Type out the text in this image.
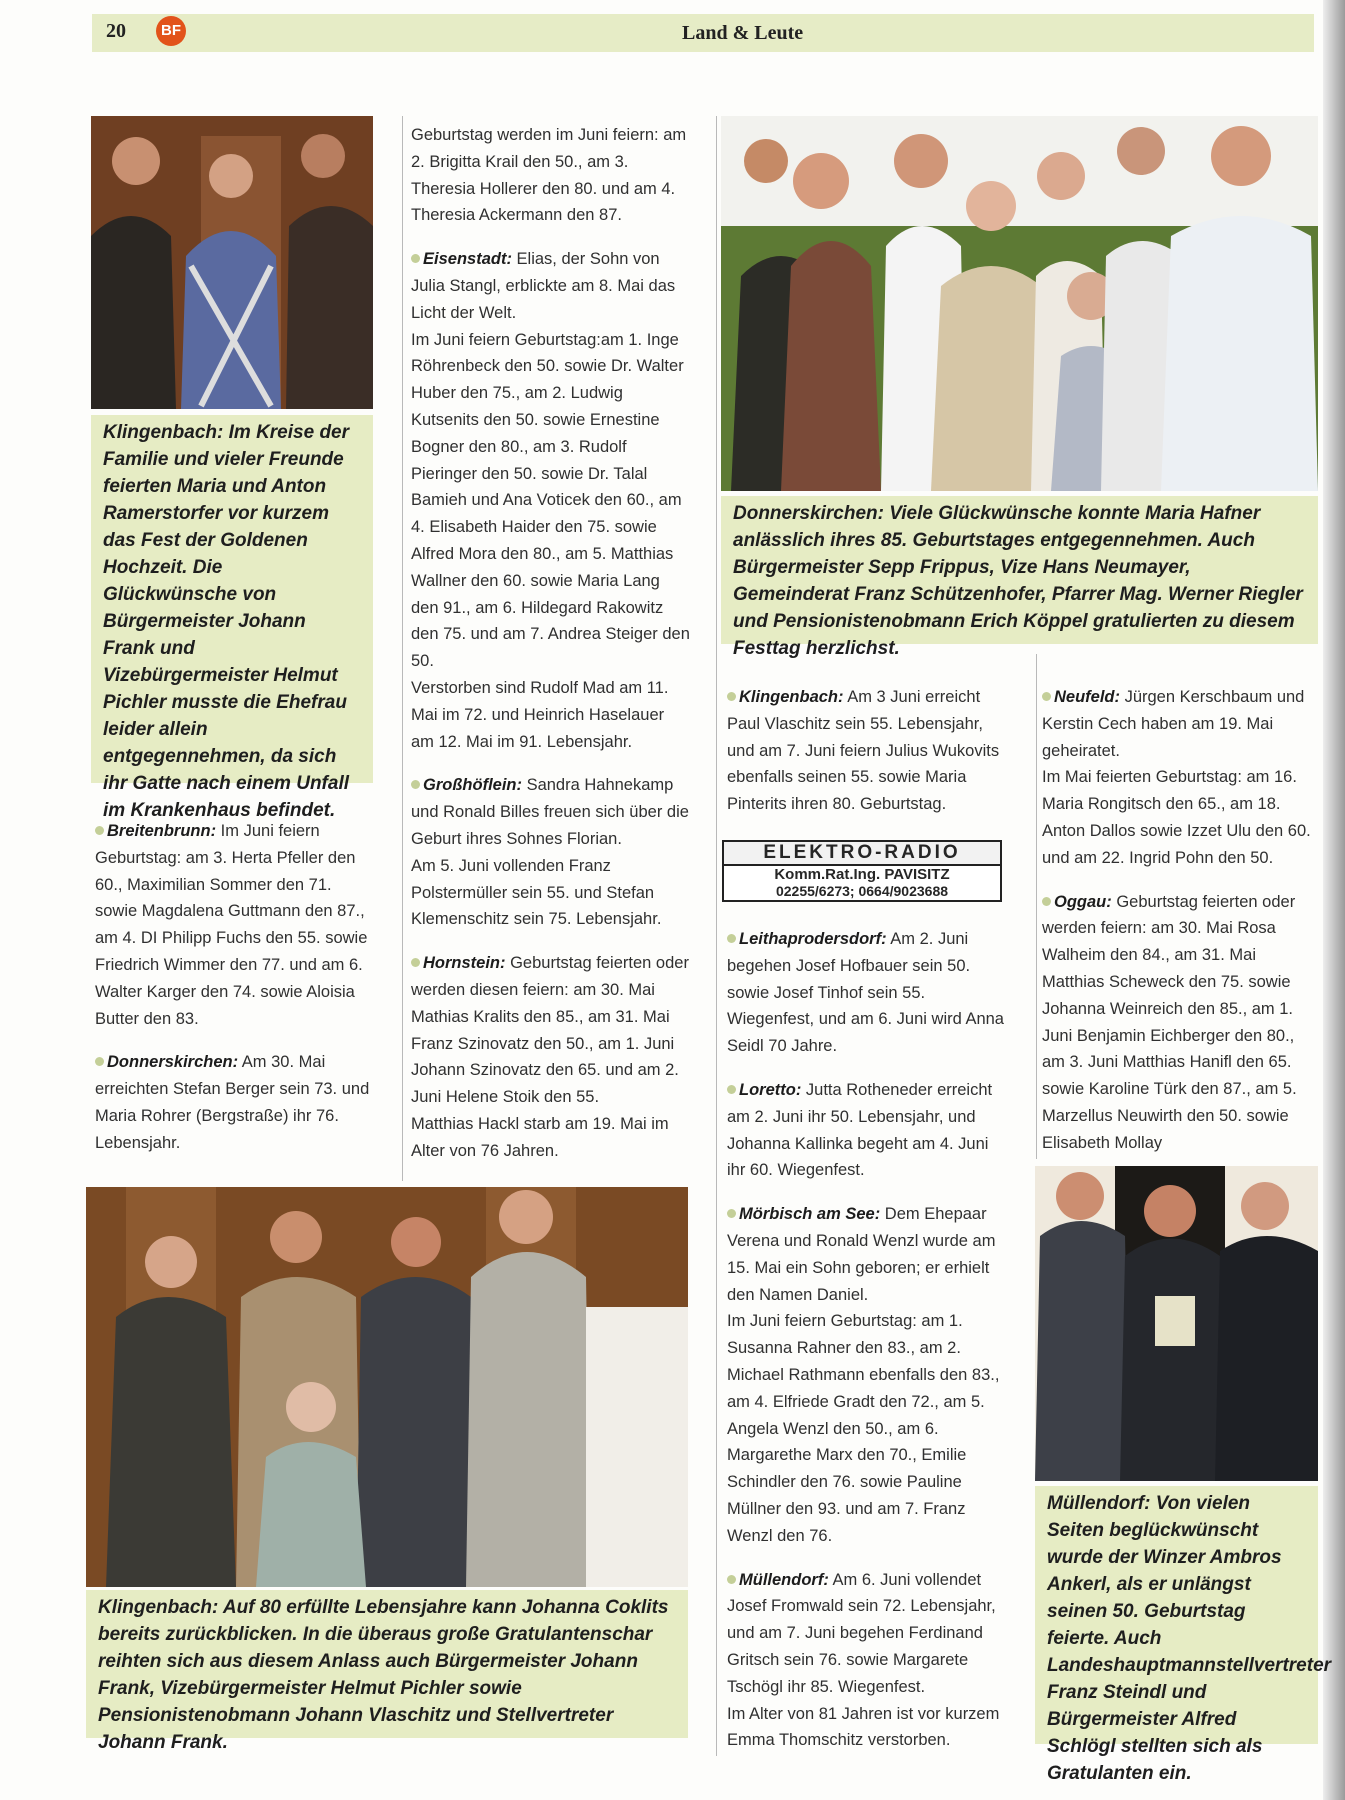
20	BF	Land & Leute
Klingenbach: Im Kreise der Familie und vieler Freunde feierten Maria und Anton Ramerstorfer vor kurzem das Fest der Goldenen Hochzeit. Die Glückwünsche von Bürgermeister Johann Frank und Vizebürgermeister Helmut Pichler musste die Ehefrau leider allein entgegennehmen, da sich ihr Gatte nach einem Unfall im Krankenhaus befindet.
Donnerskirchen: Viele Glückwünsche konnte Maria Hafner anlässlich ihres 85. Geburtstages entgegennehmen. Auch Bürgermeister Sepp Frippus, Vize Hans Neumayer, Gemeinderat Franz Schützenhofer, Pfarrer Mag. Werner Riegler und Pensionistenobmann Erich Köppel gratulierten zu diesem Festtag herzlichst.
Klingenbach: Auf 80 erfüllte Lebensjahre kann Johanna Coklits bereits zurückblicken. In die überaus große Gratulantenschar reihten sich aus diesem Anlass auch Bürgermeister Johann Frank, Vizebürgermeister Helmut Pichler sowie Pensionistenobmann Johann Vlaschitz und Stellvertreter Johann Frank.
Müllendorf: Von vielen Seiten beglückwünscht wurde der Winzer Ambros Ankerl, als er unlängst seinen 50. Geburtstag feierte. Auch Landeshauptmannstellvertreter Franz Steindl und Bürgermeister Alfred Schlögl stellten sich als Gratulanten ein.

Breitenbrunn: Im Juni feiern Geburtstag: am 3. Herta Pfeller den 60., Maximilian Sommer den 71. sowie Magdalena Guttmann den 87., am 4. DI Philipp Fuchs den 55. sowie Friedrich Wimmer den 77. und am 6. Walter Karger den 74. sowie Aloisia Butter den 83.

Donnerskirchen: Am 30. Mai erreichten Stefan Berger sein 73. und Maria Rohrer (Bergstraße) ihr 76. Lebensjahr.

Geburtstag werden im Juni feiern: am 2. Brigitta Krail den 50., am 3. Theresia Hollerer den 80. und am 4. Theresia Ackermann den 87.

Eisenstadt: Elias, der Sohn von Julia Stangl, erblickte am 8. Mai das Licht der Welt.
Im Juni feiern Geburtstag:am 1. Inge Röhrenbeck den 50. sowie Dr. Walter Huber den 75., am 2. Ludwig Kutsenits den 50. sowie Ernestine Bogner den 80., am 3. Rudolf Pieringer den 50. sowie Dr. Talal Bamieh und Ana Voticek den 60., am 4. Elisabeth Haider den 75. sowie Alfred Mora den 80., am 5. Matthias Wallner den 60. sowie Maria Lang den 91., am 6. Hildegard Rakowitz den 75. und am 7. Andrea Steiger den 50.
Verstorben sind Rudolf Mad am 11. Mai im 72. und Heinrich Haselauer am 12. Mai im 91. Lebensjahr.

Großhöflein: Sandra Hahnekamp und Ronald Billes freuen sich über die Geburt ihres Sohnes Florian.
Am 5. Juni vollenden Franz Polstermüller sein 55. und Stefan Klemenschitz sein 75. Lebensjahr.

Hornstein: Geburtstag feierten oder werden diesen feiern: am 30. Mai Mathias Kralits den 85., am 31. Mai Franz Szinovatz den 50., am 1. Juni Johann Szinovatz den 65. und am 2. Juni Helene Stoik den 55.
Matthias Hackl starb am 19. Mai im Alter von 76 Jahren.

Klingenbach: Am 3 Juni erreicht Paul Vlaschitz sein 55. Lebensjahr, und am 7. Juni feiern Julius Wukovits ebenfalls seinen 55. sowie Maria Pinterits ihren 80. Geburtstag.

ELEKTRO-RADIO
Komm.Rat.Ing. PAVISITZ
02255/6273; 0664/9023688

Leithaprodersdorf: Am 2. Juni begehen Josef Hofbauer sein 50. sowie Josef Tinhof sein 55. Wiegenfest, und am 6. Juni wird Anna Seidl 70 Jahre.

Loretto: Jutta Rotheneder erreicht am 2. Juni ihr 50. Lebensjahr, und Johanna Kallinka begeht am 4. Juni ihr 60. Wiegenfest.

Mörbisch am See: Dem Ehepaar Verena und Ronald Wenzl wurde am 15. Mai ein Sohn geboren; er erhielt den Namen Daniel.
Im Juni feiern Geburtstag: am 1. Susanna Rahner den 83., am 2. Michael Rathmann ebenfalls den 83., am 4. Elfriede Gradt den 72., am 5. Angela Wenzl den 50., am 6. Margarethe Marx den 70., Emilie Schindler den 76. sowie Pauline Müllner den 93. und am 7. Franz Wenzl den 76.

Müllendorf: Am 6. Juni vollendet Josef Fromwald sein 72. Lebensjahr, und am 7. Juni begehen Ferdinand Gritsch sein 76. sowie Margarete Tschögl ihr 85. Wiegenfest.
Im Alter von 81 Jahren ist vor kurzem Emma Thomschitz verstorben.

Neufeld: Jürgen Kerschbaum und Kerstin Cech haben am 19. Mai geheiratet.
Im Mai feierten Geburtstag: am 16. Maria Rongitsch den 65., am 18. Anton Dallos sowie Izzet Ulu den 60. und am 22. Ingrid Pohn den 50.

Oggau: Geburtstag feierten oder werden feiern: am 30. Mai Rosa Walheim den 84., am 31. Mai Matthias Scheweck den 75. sowie Johanna Weinreich den 85., am 1. Juni Benjamin Eichberger den 80., am 3. Juni Matthias Hanifl den 65. sowie Karoline Türk den 87., am 5. Marzellus Neuwirth den 50. sowie Elisabeth Mollay
